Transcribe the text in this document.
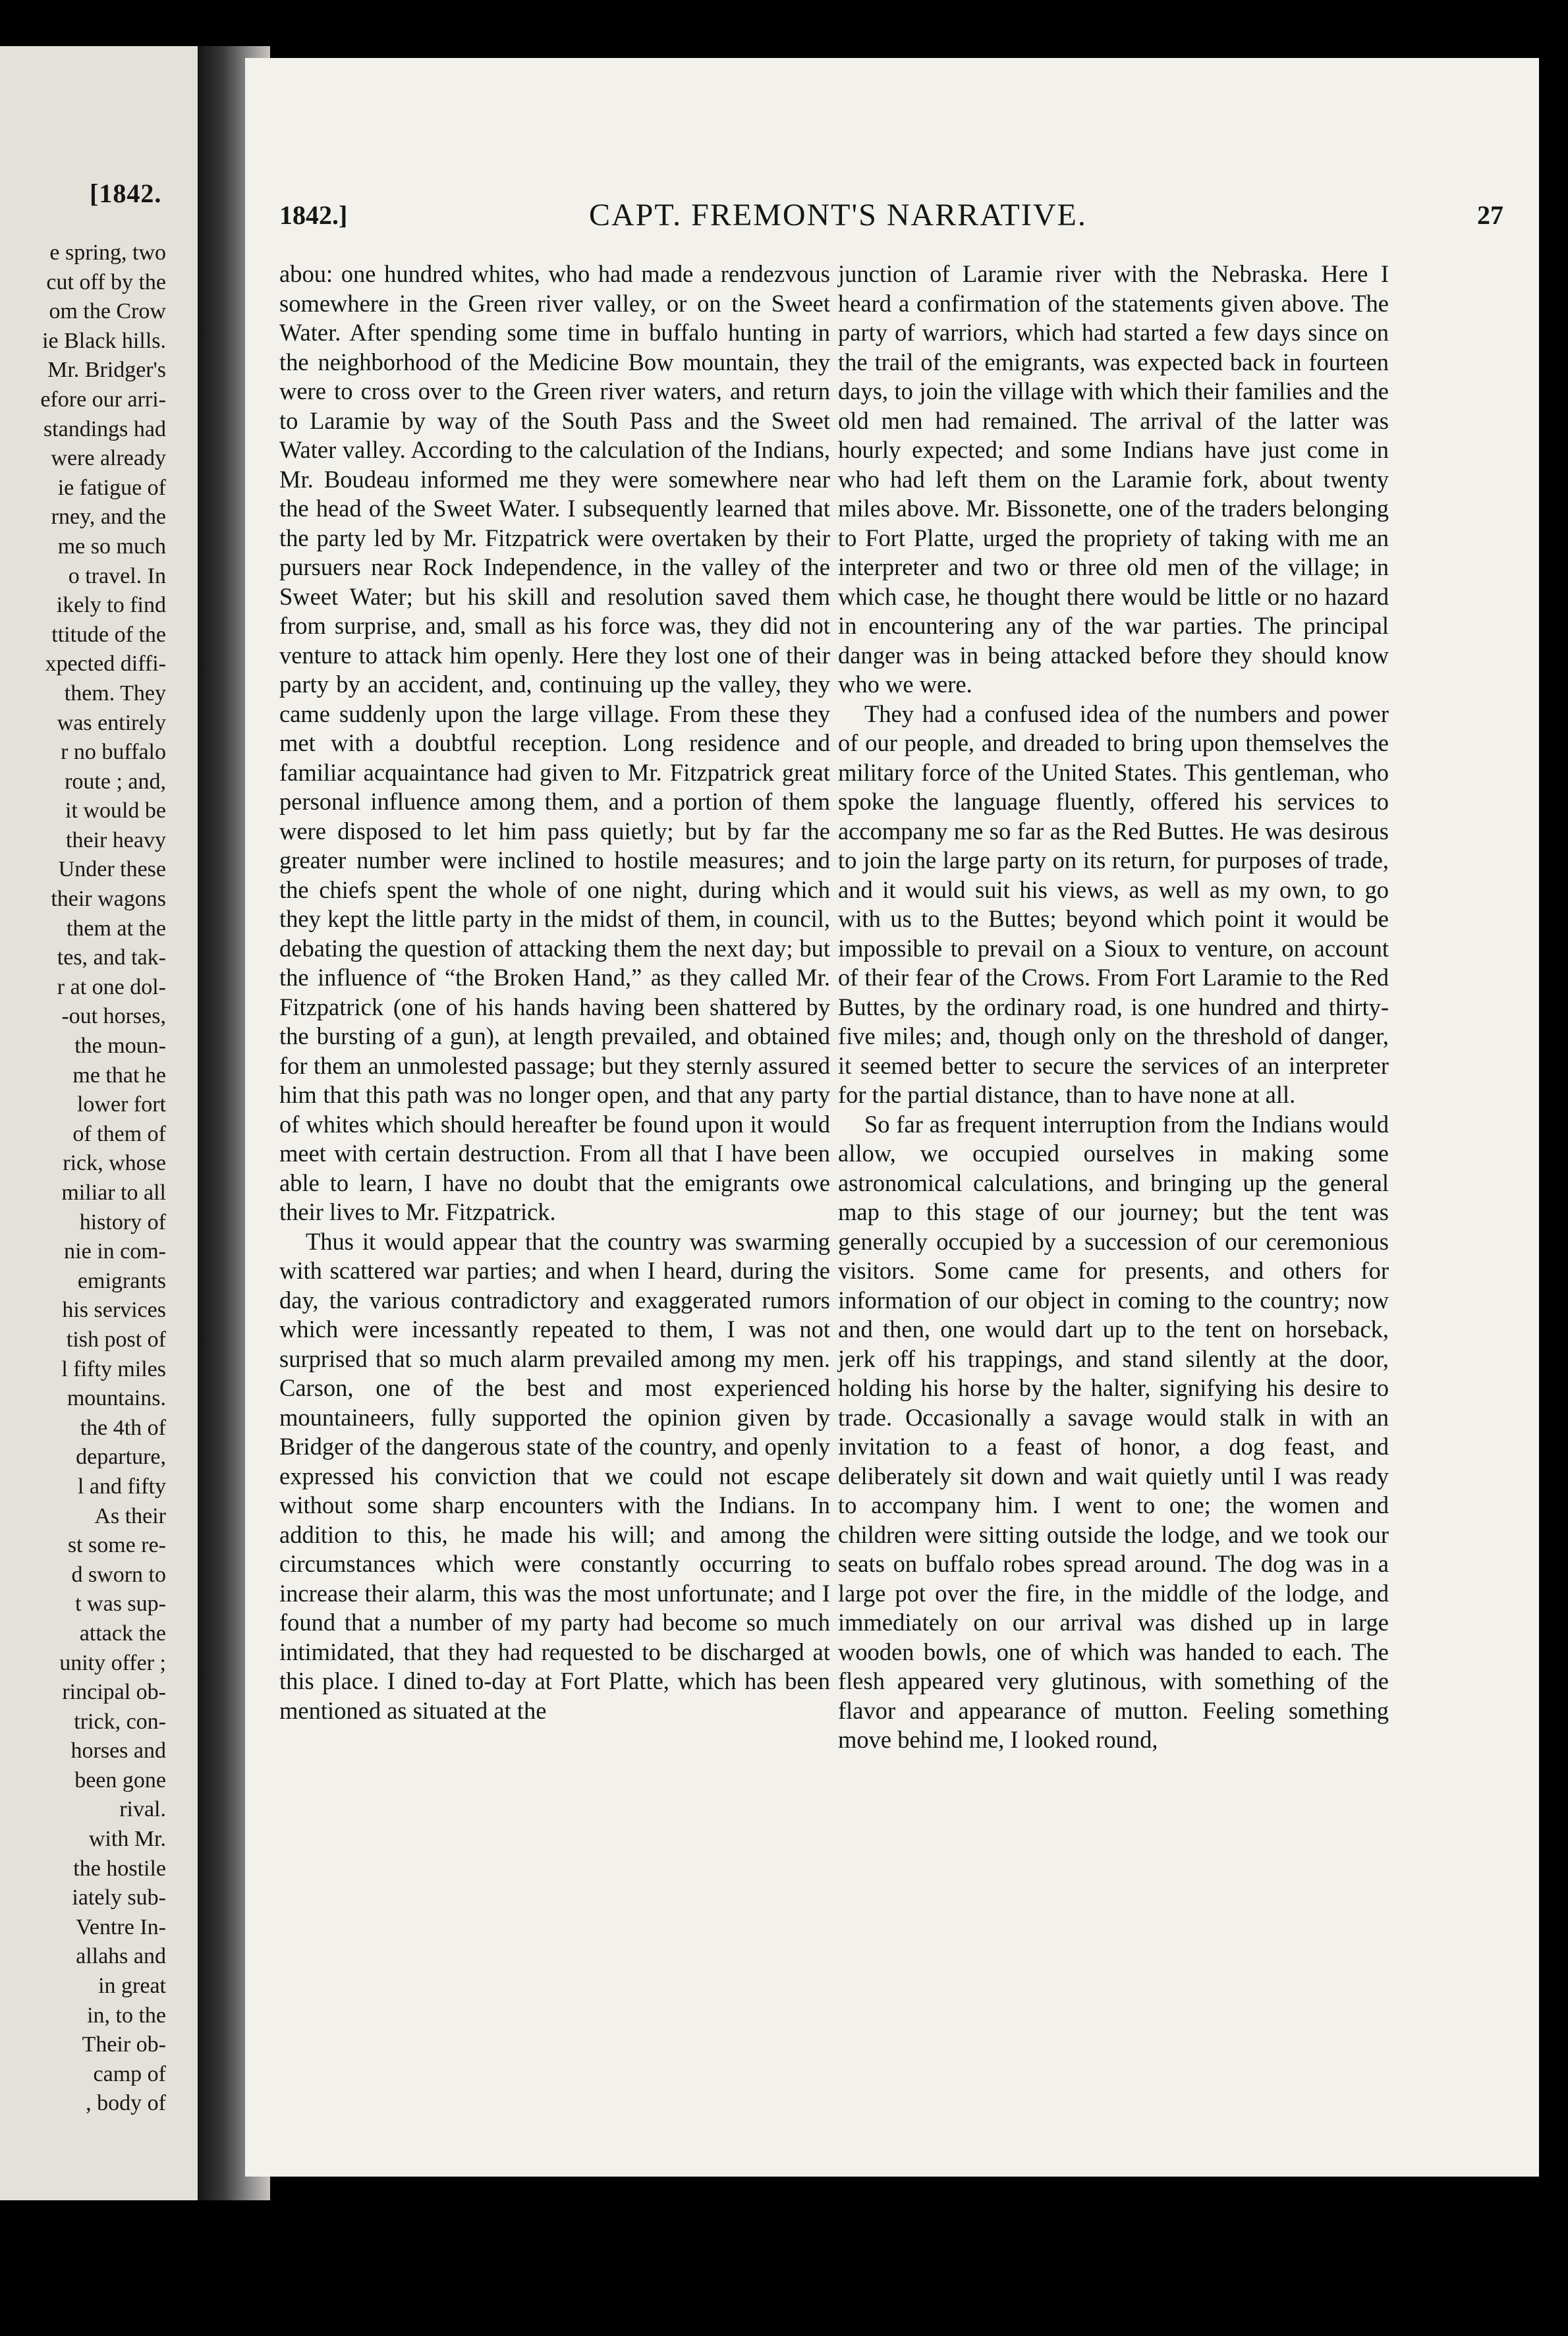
[1842.
e spring, two
cut off by the
om the Crow
ie Black hills.
Mr. Bridger's
efore our arri-
standings had
were already
ie fatigue of
rney, and the
me so much
o travel. In
ikely to find
ttitude of the
xpected diffi-
them. They
was entirely
r no buffalo
route ; and,
it would be
their heavy
Under these
their wagons
them at the
tes, and tak-
r at one dol-
-out horses,
the moun-
me that he
lower fort
of them of
rick, whose
miliar to all
history of
nie in com-
emigrants
his services
tish post of
l fifty miles
mountains.
the 4th of
departure,
l and fifty
As their
st some re-
d sworn to
t was sup-
attack the
unity offer ;
rincipal ob-
trick, con-
horses and
been gone
rival.
with Mr.
the hostile
iately sub-
Ventre In-
allahs and
in great
in, to the
Their ob-
camp of
, body of
1842.]	CAPT. FREMONT'S NARRATIVE.	27

abou: one hundred whites, who had made a rendezvous somewhere in the Green river valley, or on the Sweet Water. After spending some time in buffalo hunting in the neighborhood of the Medicine Bow mountain, they were to cross over to the Green river waters, and return to Laramie by way of the South Pass and the Sweet Water valley. According to the calculation of the Indians, Mr. Boudeau informed me they were somewhere near the head of the Sweet Water. I subsequently learned that the party led by Mr. Fitzpatrick were overtaken by their pursuers near Rock Independence, in the valley of the Sweet Water; but his skill and resolution saved them from surprise, and, small as his force was, they did not venture to attack him openly. Here they lost one of their party by an accident, and, continuing up the valley, they came suddenly upon the large village. From these they met with a doubtful reception. Long residence and familiar acquaintance had given to Mr. Fitzpatrick great personal influence among them, and a portion of them were disposed to let him pass quietly; but by far the greater number were inclined to hostile measures; and the chiefs spent the whole of one night, during which they kept the little party in the midst of them, in council, debating the question of attacking them the next day; but the influence of “the Broken Hand,” as they called Mr. Fitzpatrick (one of his hands having been shattered by the bursting of a gun), at length prevailed, and obtained for them an unmolested passage; but they sternly assured him that this path was no longer open, and that any party of whites which should hereafter be found upon it would meet with certain destruction. From all that I have been able to learn, I have no doubt that the emigrants owe their lives to Mr. Fitzpatrick.

Thus it would appear that the country was swarming with scattered war parties; and when I heard, during the day, the various contradictory and exaggerated rumors which were incessantly repeated to them, I was not surprised that so much alarm prevailed among my men. Carson, one of the best and most experienced mountaineers, fully supported the opinion given by Bridger of the dangerous state of the country, and openly expressed his conviction that we could not escape without some sharp encounters with the Indians. In addition to this, he made his will; and among the circumstances which were constantly occurring to increase their alarm, this was the most unfortunate; and I found that a number of my party had become so much intimidated, that they had requested to be discharged at this place. I dined to-day at Fort Platte, which has been mentioned as situated at the

junction of Laramie river with the Nebraska. Here I heard a confirmation of the statements given above. The party of warriors, which had started a few days since on the trail of the emigrants, was expected back in fourteen days, to join the village with which their families and the old men had remained. The arrival of the latter was hourly expected; and some Indians have just come in who had left them on the Laramie fork, about twenty miles above. Mr. Bissonette, one of the traders belonging to Fort Platte, urged the propriety of taking with me an interpreter and two or three old men of the village; in which case, he thought there would be little or no hazard in encountering any of the war parties. The principal danger was in being attacked before they should know who we were.

They had a confused idea of the numbers and power of our people, and dreaded to bring upon themselves the military force of the United States. This gentleman, who spoke the language fluently, offered his services to accompany me so far as the Red Buttes. He was desirous to join the large party on its return, for purposes of trade, and it would suit his views, as well as my own, to go with us to the Buttes; beyond which point it would be impossible to prevail on a Sioux to venture, on account of their fear of the Crows. From Fort Laramie to the Red Buttes, by the ordinary road, is one hundred and thirty-five miles; and, though only on the threshold of danger, it seemed better to secure the services of an interpreter for the partial distance, than to have none at all.

So far as frequent interruption from the Indians would allow, we occupied ourselves in making some astronomical calculations, and bringing up the general map to this stage of our journey; but the tent was generally occupied by a succession of our ceremonious visitors. Some came for presents, and others for information of our object in coming to the country; now and then, one would dart up to the tent on horseback, jerk off his trappings, and stand silently at the door, holding his horse by the halter, signifying his desire to trade. Occasionally a savage would stalk in with an invitation to a feast of honor, a dog feast, and deliberately sit down and wait quietly until I was ready to accompany him. I went to one; the women and children were sitting outside the lodge, and we took our seats on buffalo robes spread around. The dog was in a large pot over the fire, in the middle of the lodge, and immediately on our arrival was dished up in large wooden bowls, one of which was handed to each. The flesh appeared very glutinous, with something of the flavor and appearance of mutton. Feeling something move behind me, I looked round,
